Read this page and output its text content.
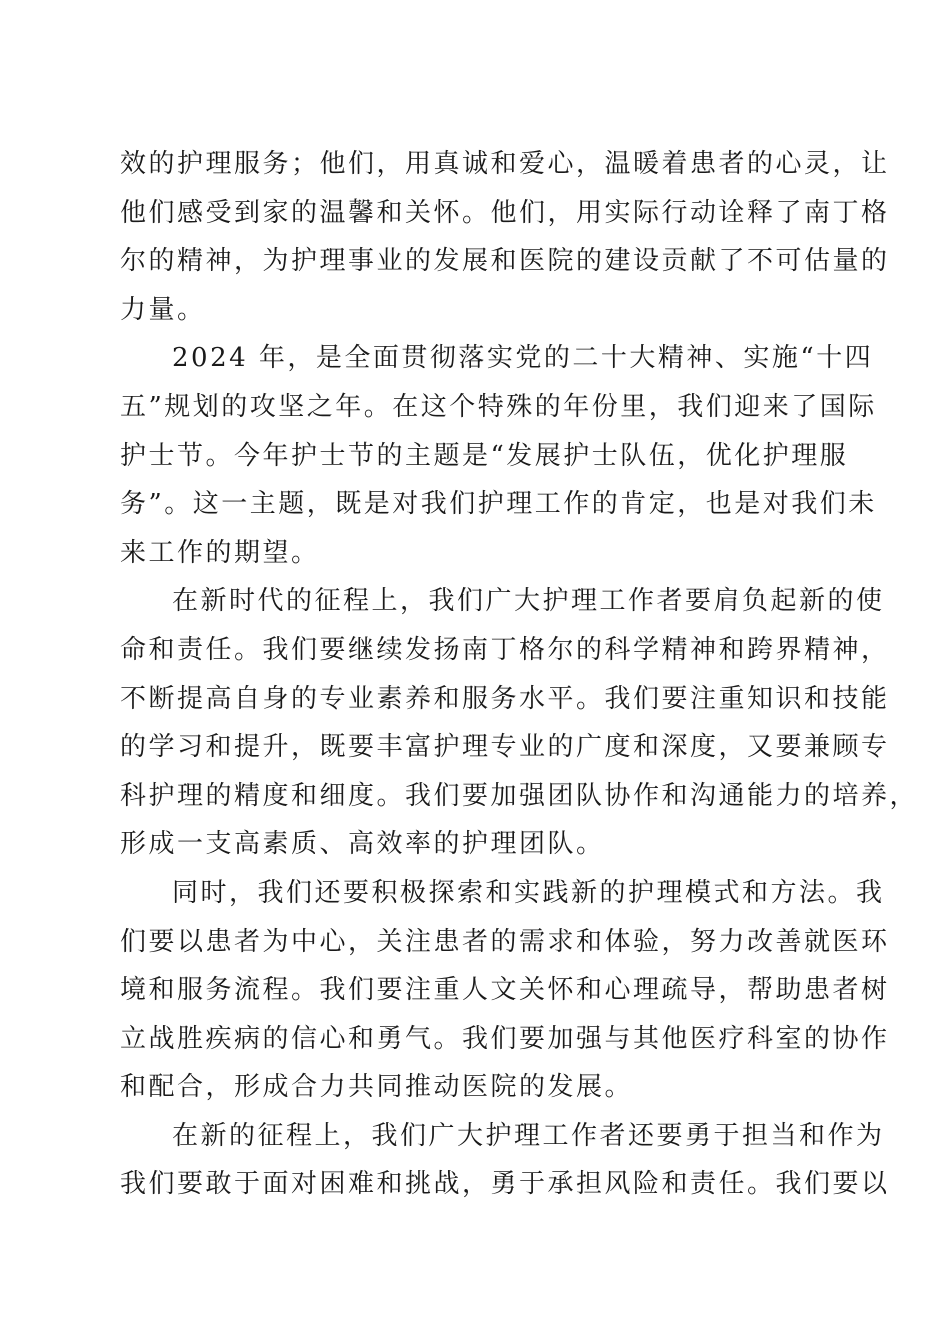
效的护理服务；他们，用真诚和爱心，温暖着患者的心灵，让
他们感受到家的温馨和关怀。他们，用实际行动诠释了南丁格
尔的精神，为护理事业的发展和医院的建设贡献了不可估量的
力量。
2024 年，是全面贯彻落实党的二十大精神、实施“十四
五”规划的攻坚之年。在这个特殊的年份里，我们迎来了国际
护士节。今年护士节的主题是“发展护士队伍，优化护理服
务”。这一主题，既是对我们护理工作的肯定，也是对我们未
来工作的期望。
在新时代的征程上，我们广大护理工作者要肩负起新的使
命和责任。我们要继续发扬南丁格尔的科学精神和跨界精神，
不断提高自身的专业素养和服务水平。我们要注重知识和技能
的学习和提升，既要丰富护理专业的广度和深度，又要兼顾专
科护理的精度和细度。我们要加强团队协作和沟通能力的培养，
形成一支高素质、高效率的护理团队。
同时，我们还要积极探索和实践新的护理模式和方法。我
们要以患者为中心，关注患者的需求和体验，努力改善就医环
境和服务流程。我们要注重人文关怀和心理疏导，帮助患者树
立战胜疾病的信心和勇气。我们要加强与其他医疗科室的协作
和配合，形成合力共同推动医院的发展。
在新的征程上，我们广大护理工作者还要勇于担当和作为
我们要敢于面对困难和挑战，勇于承担风险和责任。我们要以
